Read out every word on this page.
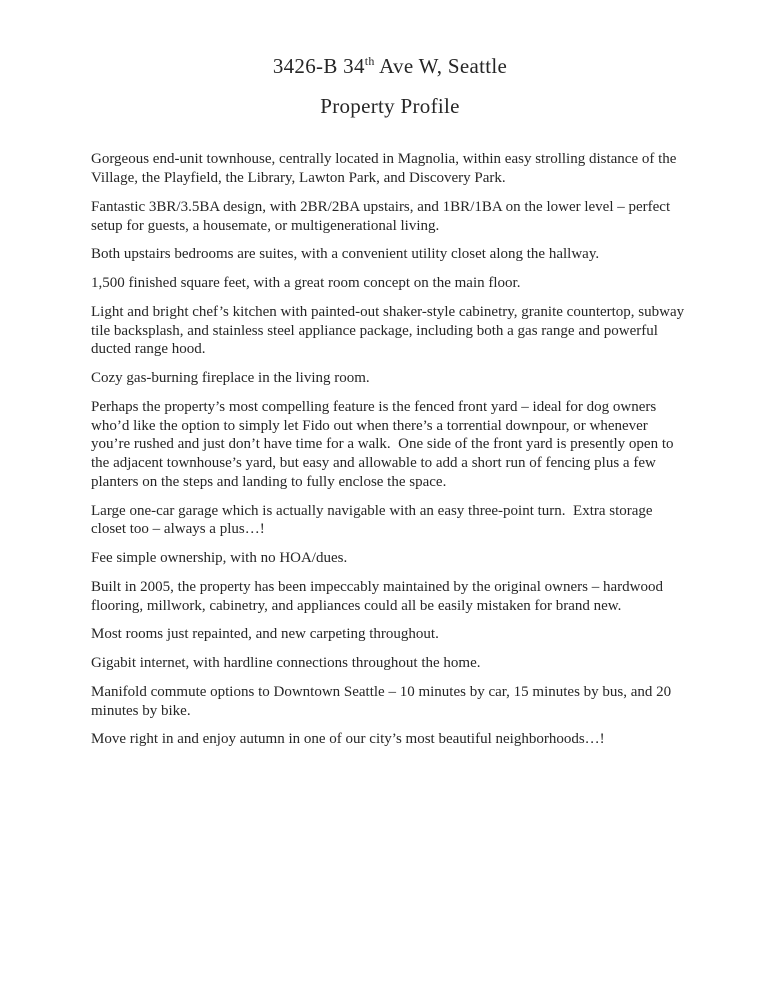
3426-B 34th Ave W, Seattle
Property Profile

Gorgeous end-unit townhouse, centrally located in Magnolia, within easy strolling distance of the Village, the Playfield, the Library, Lawton Park, and Discovery Park.

Fantastic 3BR/3.5BA design, with 2BR/2BA upstairs, and 1BR/1BA on the lower level – perfect setup for guests, a housemate, or multigenerational living.

Both upstairs bedrooms are suites, with a convenient utility closet along the hallway.

1,500 finished square feet, with a great room concept on the main floor.

Light and bright chef’s kitchen with painted-out shaker-style cabinetry, granite countertop, subway tile backsplash, and stainless steel appliance package, including both a gas range and powerful ducted range hood.

Cozy gas-burning fireplace in the living room.

Perhaps the property’s most compelling feature is the fenced front yard – ideal for dog owners who’d like the option to simply let Fido out when there’s a torrential downpour, or whenever you’re rushed and just don’t have time for a walk.  One side of the front yard is presently open to the adjacent townhouse’s yard, but easy and allowable to add a short run of fencing plus a few planters on the steps and landing to fully enclose the space.

Large one-car garage which is actually navigable with an easy three-point turn.  Extra storage closet too – always a plus…!

Fee simple ownership, with no HOA/dues.

Built in 2005, the property has been impeccably maintained by the original owners – hardwood flooring, millwork, cabinetry, and appliances could all be easily mistaken for brand new.

Most rooms just repainted, and new carpeting throughout.

Gigabit internet, with hardline connections throughout the home.

Manifold commute options to Downtown Seattle – 10 minutes by car, 15 minutes by bus, and 20 minutes by bike.

Move right in and enjoy autumn in one of our city’s most beautiful neighborhoods…!
